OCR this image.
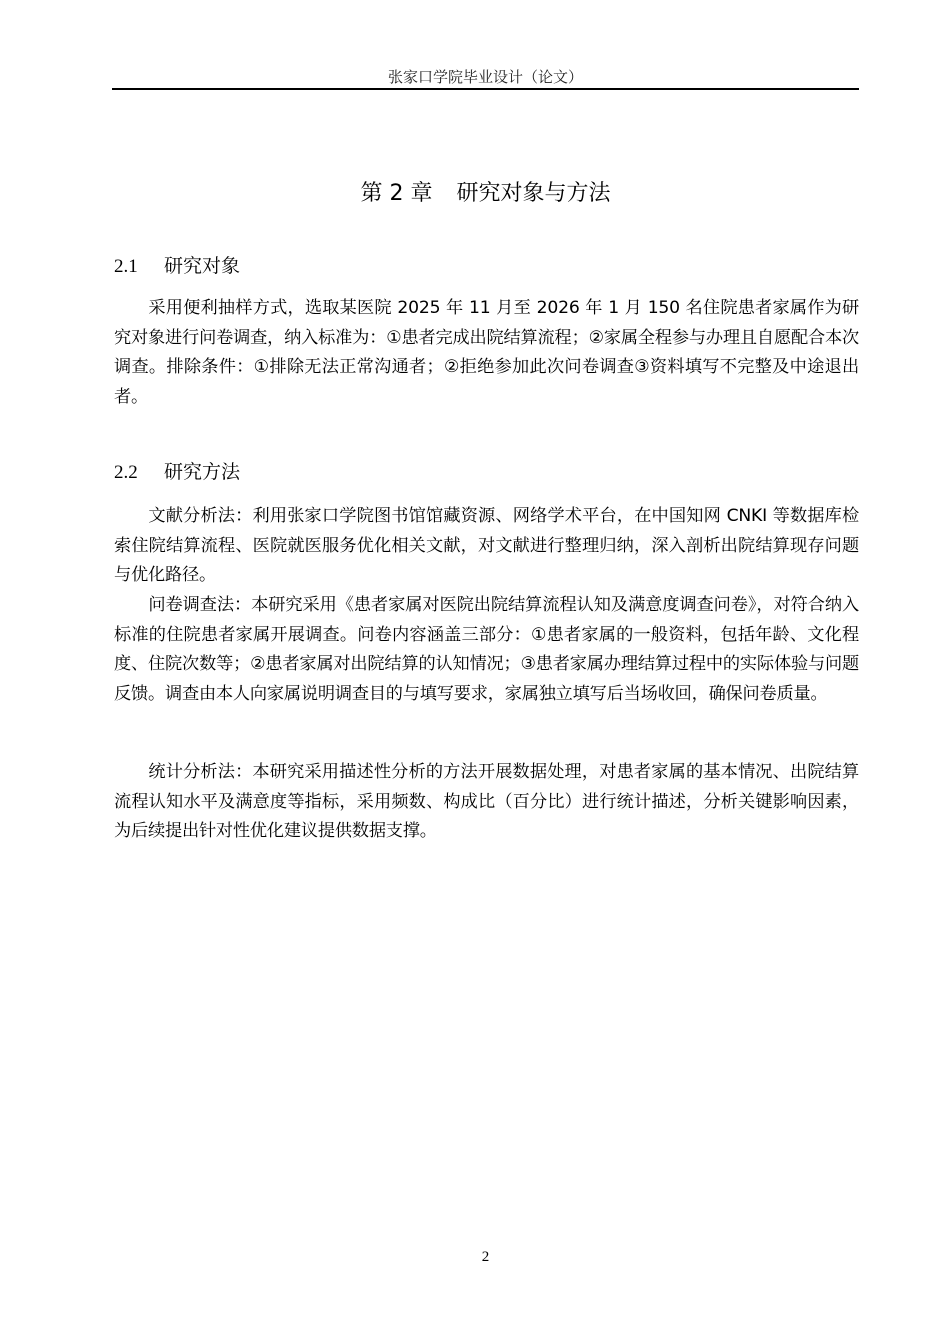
张家口学院毕业设计（论文）
第 2 章 研究对象与方法
2.1 研究对象

采用便利抽样方式，选取某医院 2025 年 11 月至 2026 年 1 月 150 名住院患者家属作为研究对象进行问卷调查，纳入标准为：①患者完成出院结算流程；②家属全程参与办理且自愿配合本次调查。排除条件：①排除无法正常沟通者；②拒绝参加此次问卷调查③资料填写不完整及中途退出者。

2.2 研究方法

文献分析法：利用张家口学院图书馆馆藏资源、网络学术平台，在中国知网 CNKI 等数据库检索住院结算流程、医院就医服务优化相关文献，对文献进行整理归纳，深入剖析出院结算现存问题与优化路径。

问卷调查法：本研究采用《患者家属对医院出院结算流程认知及满意度调查问卷》，对符合纳入标准的住院患者家属开展调查。问卷内容涵盖三部分：①患者家属的一般资料，包括年龄、文化程度、住院次数等；②患者家属对出院结算的认知情况；③患者家属办理结算过程中的实际体验与问题反馈。调查由本人向家属说明调查目的与填写要求，家属独立填写后当场收回，确保问卷质量。

统计分析法：本研究采用描述性分析的方法开展数据处理，对患者家属的基本情况、出院结算流程认知水平及满意度等指标，采用频数、构成比（百分比）进行统计描述，分析关键影响因素，为后续提出针对性优化建议提供数据支撑。

2
